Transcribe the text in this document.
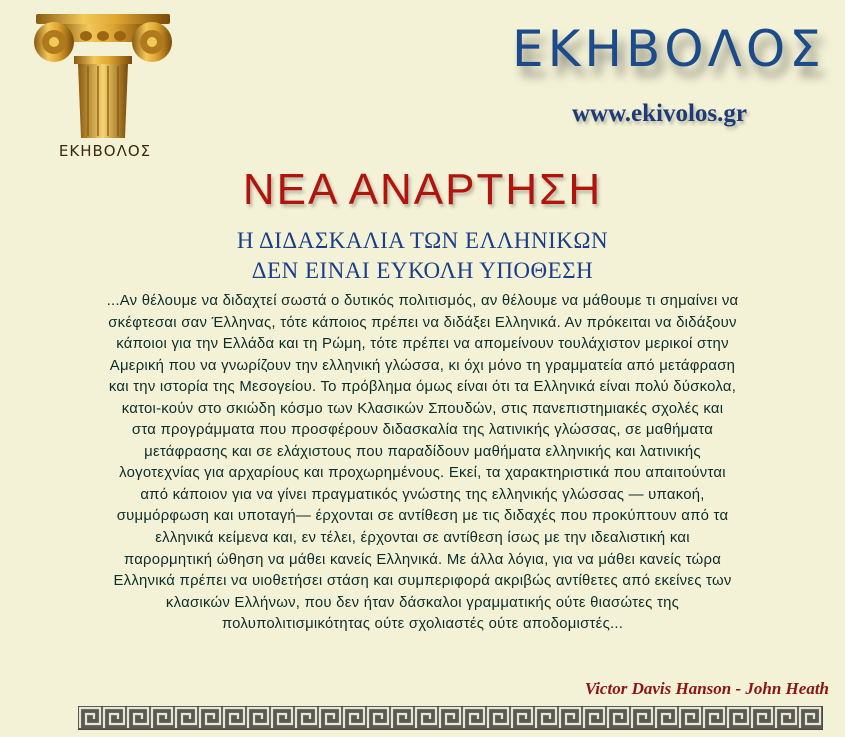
ΕΚΗΒΟΛΟΣ
ΕΚΗΒΟΛΟΣ
www.ekivolos.gr
ΝΕΑ ΑΝΑΡΤΗΣΗ
Η ΔΙΔΑΣΚΑΛΙΑ ΤΩΝ ΕΛΛΗΝΙΚΩΝ
ΔΕΝ ΕΙΝΑΙ ΕΥΚΟΛΗ ΥΠΟΘΕΣΗ
...Αν θέλουμε να διδαχτεί σωστά ο δυτικός πολιτισμός, αν θέλουμε να μάθουμε τι σημαίνει να
σκέφτεσαι σαν Έλληνας, τότε κάποιος πρέπει να διδάξει Ελληνικά. Αν πρόκειται να διδάξουν
κάποιοι για την Ελλάδα και τη Ρώμη, τότε πρέπει να απομείνουν τουλάχιστον μερικοί στην
Αμερική που να γνωρίζουν την ελληνική γλώσσα, κι όχι μόνο τη γραμματεία από μετάφραση
και την ιστορία της Μεσογείου. Το πρόβλημα όμως είναι ότι τα Ελληνικά είναι πολύ δύσκολα,
κατοι-κούν στο σκιώδη κόσμο των Κλασικών Σπουδών, στις πανεπιστημιακές σχολές και
στα προγράμματα που προσφέρουν διδασκαλία της λατινικής γλώσσας, σε μαθήματα
μετάφρασης και σε ελάχιστους που παραδίδουν μαθήματα ελληνικής και λατινικής
λογοτεχνίας για αρχαρίους και προχωρημένους. Εκεί, τα χαρακτηριστικά που απαιτούνται
από κάποιον για να γίνει πραγματικός γνώστης της ελληνικής γλώσσας — υπακοή,
συμμόρφωση και υποταγή— έρχονται σε αντίθεση με τις διδαχές που προκύπτουν από τα
ελληνικά κείμενα και, εν τέλει, έρχονται σε αντίθεση ίσως με την ιδεαλιστική και
παρορμητική ώθηση να μάθει κανείς Ελληνικά. Με άλλα λόγια, για να μάθει κανείς τώρα
Ελληνικά πρέπει να υιοθετήσει στάση και συμπεριφορά ακριβώς αντίθετες από εκείνες των
κλασικών Ελλήνων, που δεν ήταν δάσκαλοι γραμματικής ούτε θιασώτες της
πολυπολιτισμικότητας ούτε σχολιαστές ούτε αποδομιστές...
Victor Davis Hanson - John Heath
